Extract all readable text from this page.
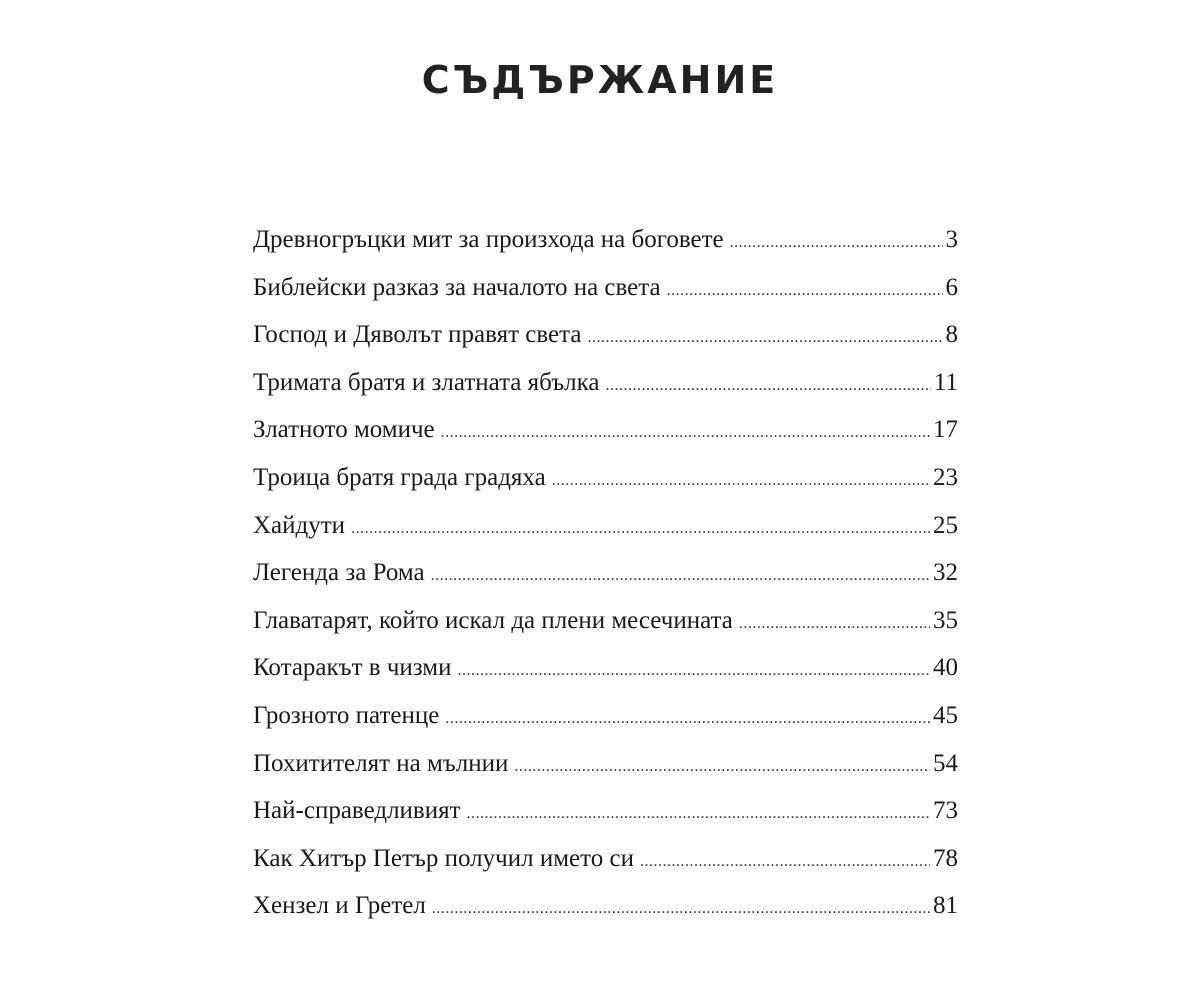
СЪДЪРЖАНИЕ
Древногръцки мит за произхода на боговете .....	3
Библейски разказ за началото на света .....	6
Господ и Дяволът правят света .....	8
Тримата братя и златната ябълка .....	11
Златното момиче .....	17
Троица братя града градяха .....	23
Хайдути .....	25
Легенда за Рома .....	32
Главатарят, който искал да плени месечината .....	35
Котаракът в чизми .....	40
Грозното патенце .....	45
Похитителят на мълнии .....	54
Най-справедливият .....	73
Как Хитър Петър получил името си .....	78
Хензел и Гретел .....	81
